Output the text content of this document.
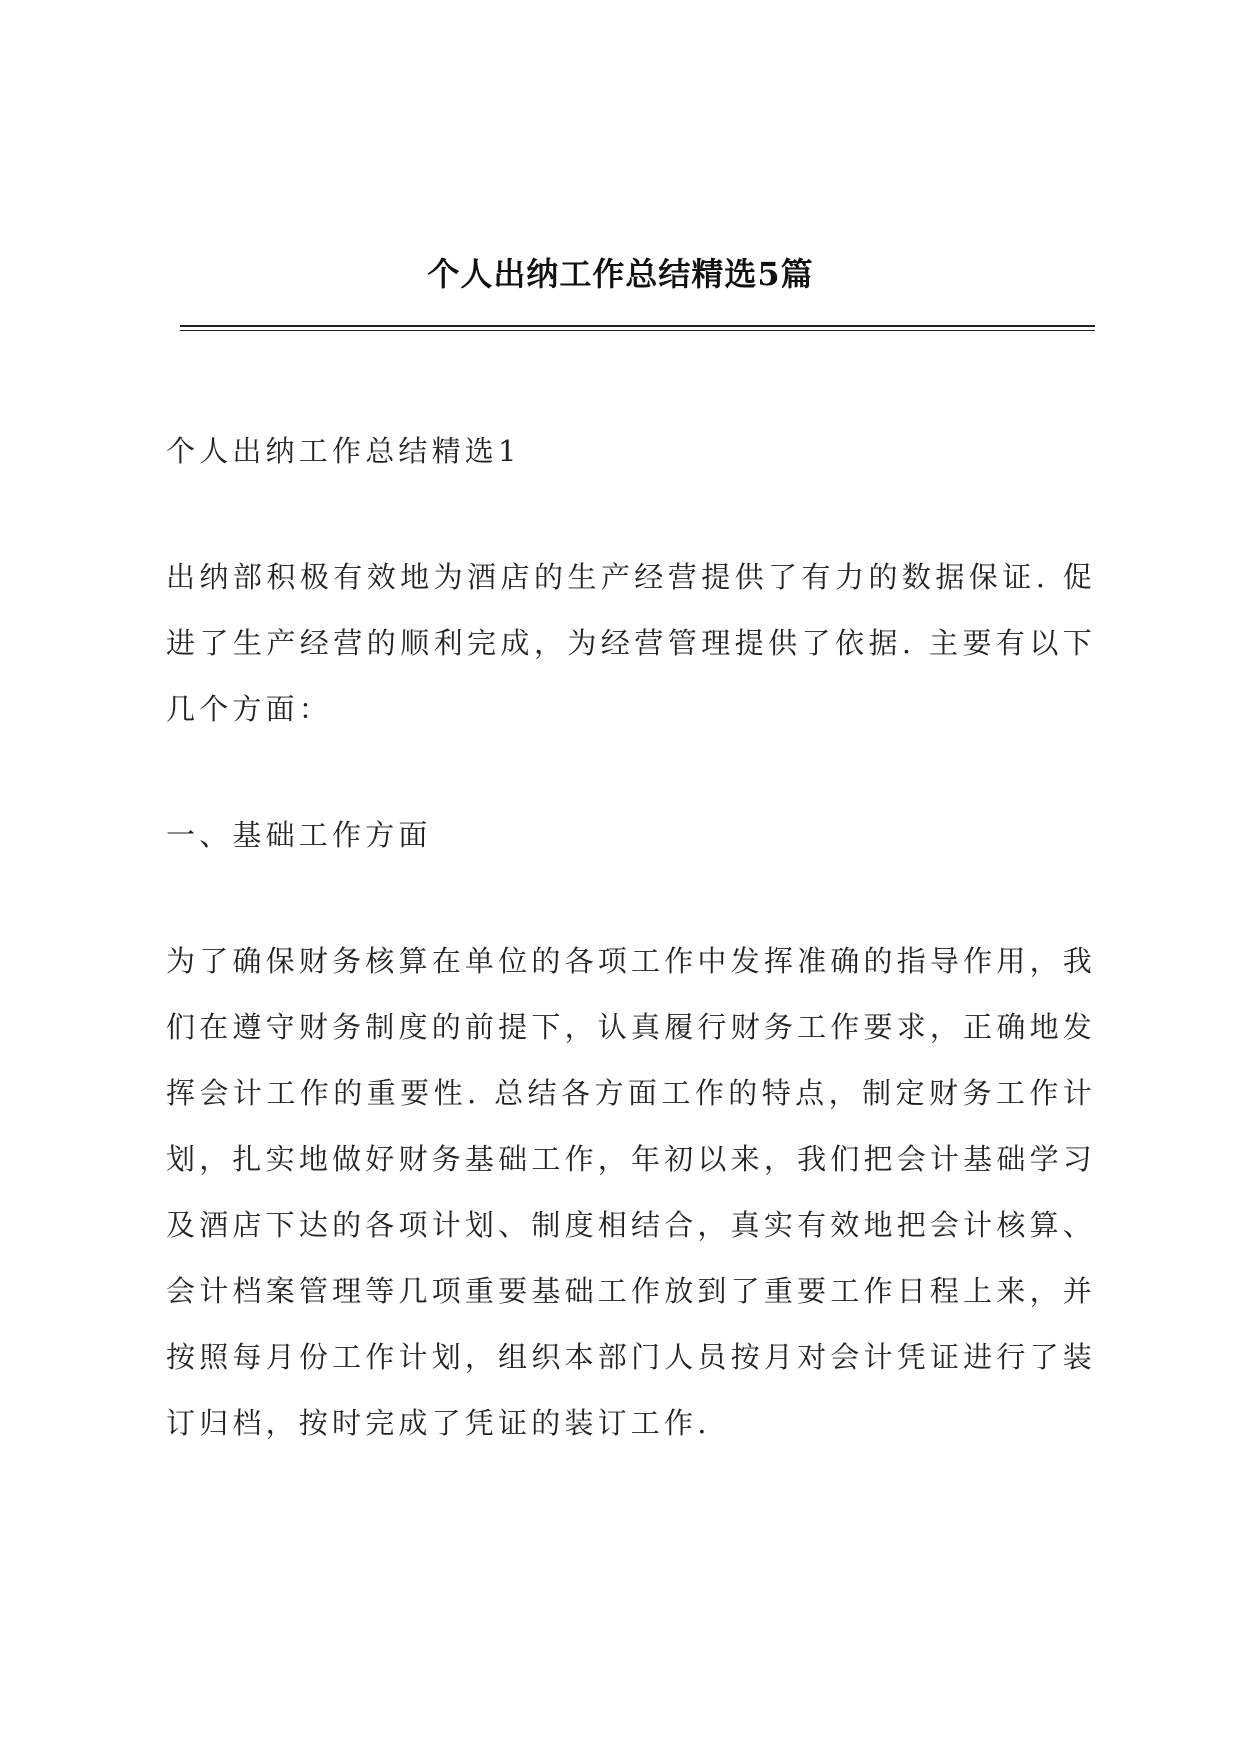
个人出纳工作总结精选5篇

个人出纳工作总结精选1

出纳部积极有效地为酒店的生产经营提供了有力的数据保证. 促进了生产经营的顺利完成，为经营管理提供了依据. 主要有以下几个方面：

一、基础工作方面

为了确保财务核算在单位的各项工作中发挥准确的指导作用，我们在遵守财务制度的前提下，认真履行财务工作要求，正确地发挥会计工作的重要性. 总结各方面工作的特点，制定财务工作计划，扎实地做好财务基础工作，年初以来，我们把会计基础学习及酒店下达的各项计划、制度相结合，真实有效地把会计核算、会计档案管理等几项重要基础工作放到了重要工作日程上来，并按照每月份工作计划，组织本部门人员按月对会计凭证进行了装订归档，按时完成了凭证的装订工作.
